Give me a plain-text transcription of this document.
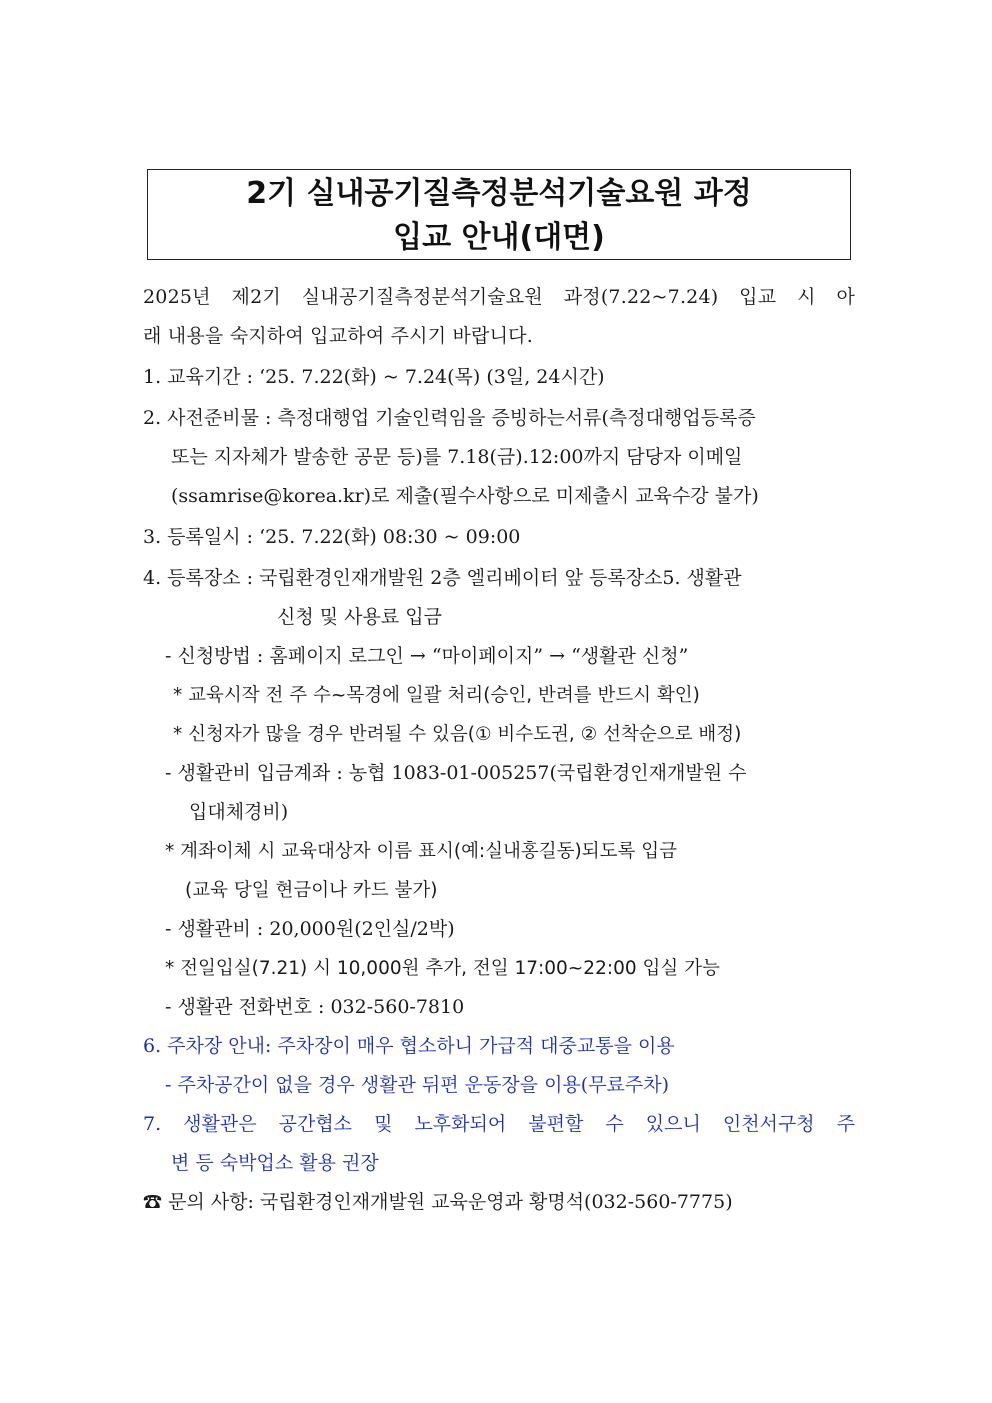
2기 실내공기질측정분석기술요원 과정
입교 안내(대면)
2025년 제2기 실내공기질측정분석기술요원 과정(7.22~7.24) 입교 시 아
래 내용을 숙지하여 입교하여 주시기 바랍니다.
1. 교육기간 : ‘25. 7.22(화) ~ 7.24(목) (3일, 24시간)
2. 사전준비물 : 측정대행업 기술인력임을 증빙하는서류(측정대행업등록증
또는 지자체가 발송한 공문 등)를 7.18(금).12:00까지 담당자 이메일
(ssamrise@korea.kr)로 제출(필수사항으로 미제출시 교육수강 불가)
3. 등록일시 : ‘25. 7.22(화) 08:30 ~ 09:00
4. 등록장소 : 국립환경인재개발원 2층 엘리베이터 앞 등록장소5. 생활관
신청 및 사용료 입금
- 신청방법 : 홈페이지 로그인 → “마이페이지” → “생활관 신청”
* 교육시작 전 주 수~목경에 일괄 처리(승인, 반려를 반드시 확인)
* 신청자가 많을 경우 반려될 수 있음(① 비수도권, ② 선착순으로 배정)
- 생활관비 입금계좌 : 농협 1083-01-005257(국립환경인재개발원 수
입대체경비)
* 계좌이체 시 교육대상자 이름 표시(예:실내홍길동)되도록 입금
(교육 당일 현금이나 카드 불가)
- 생활관비 : 20,000원(2인실/2박)
* 전일입실(7.21) 시 10,000원 추가, 전일 17:00~22:00 입실 가능
- 생활관 전화번호 : 032-560-7810
6. 주차장 안내: 주차장이 매우 협소하니 가급적 대중교통을 이용
- 주차공간이 없을 경우 생활관 뒤편 운동장을 이용(무료주차)
7. 생활관은 공간협소 및 노후화되어 불편할 수 있으니 인천서구청 주
변 등 숙박업소 활용 권장
☎ 문의 사항: 국립환경인재개발원 교육운영과 황명석(032-560-7775)
